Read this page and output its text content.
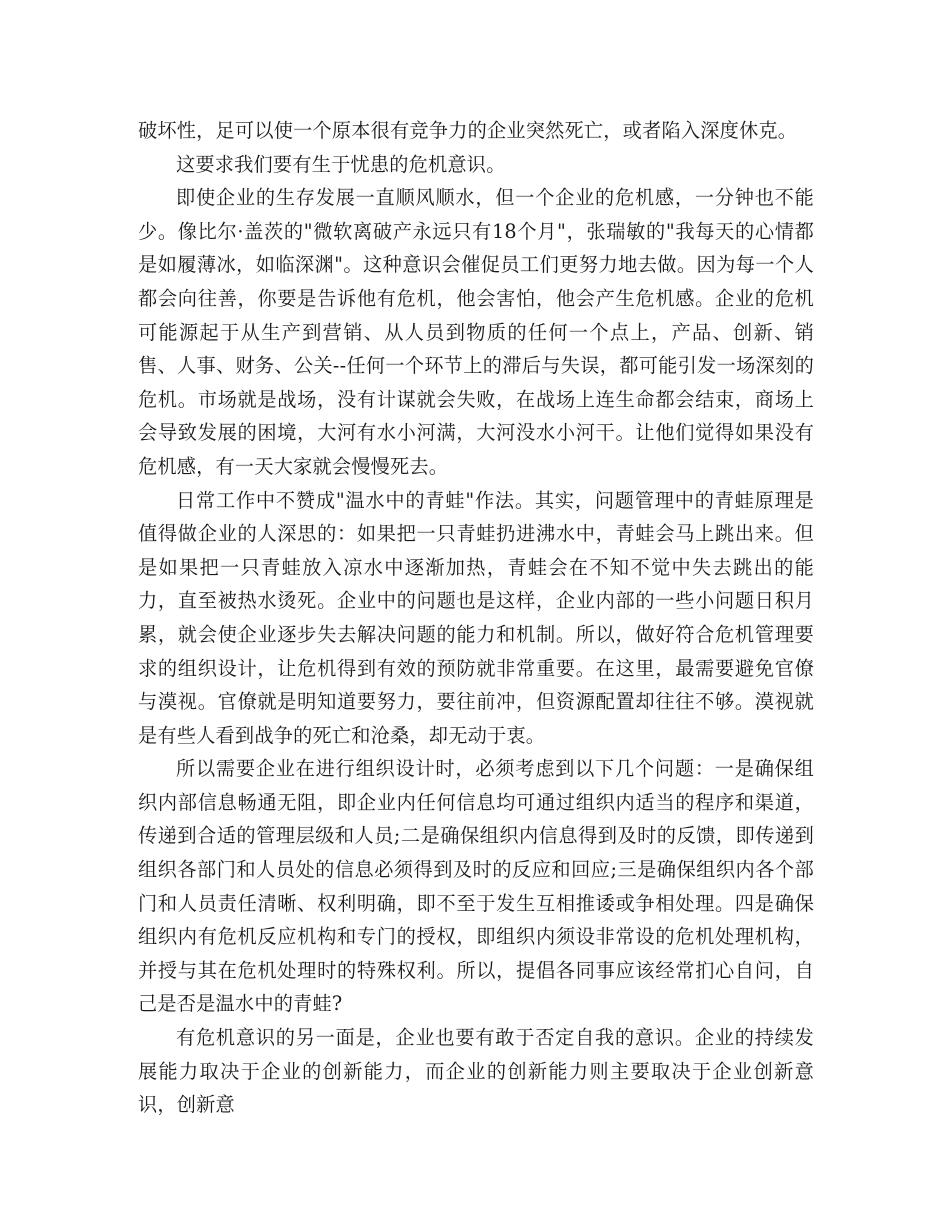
破坏性，足可以使一个原本很有竞争力的企业突然死亡，或者陷入深度休克。

这要求我们要有生于忧患的危机意识。

即使企业的生存发展一直顺风顺水，但一个企业的危机感，一分钟也不能少。像比尔·盖茨的"微软离破产永远只有18个月"，张瑞敏的"我每天的心情都是如履薄冰，如临深渊"。这种意识会催促员工们更努力地去做。因为每一个人都会向往善，你要是告诉他有危机，他会害怕，他会产生危机感。企业的危机可能源起于从生产到营销、从人员到物质的任何一个点上，产品、创新、销售、人事、财务、公关--任何一个环节上的滞后与失误，都可能引发一场深刻的危机。市场就是战场，没有计谋就会失败，在战场上连生命都会结束，商场上会导致发展的困境，大河有水小河满，大河没水小河干。让他们觉得如果没有危机感，有一天大家就会慢慢死去。

日常工作中不赞成"温水中的青蛙"作法。其实，问题管理中的青蛙原理是值得做企业的人深思的：如果把一只青蛙扔进沸水中，青蛙会马上跳出来。但是如果把一只青蛙放入凉水中逐渐加热，青蛙会在不知不觉中失去跳出的能力，直至被热水烫死。企业中的问题也是这样，企业内部的一些小问题日积月累，就会使企业逐步失去解决问题的能力和机制。所以，做好符合危机管理要求的组织设计，让危机得到有效的预防就非常重要。在这里，最需要避免官僚与漠视。官僚就是明知道要努力，要往前冲，但资源配置却往往不够。漠视就是有些人看到战争的死亡和沧桑，却无动于衷。

所以需要企业在进行组织设计时，必须考虑到以下几个问题：一是确保组织内部信息畅通无阻，即企业内任何信息均可通过组织内适当的程序和渠道，传递到合适的管理层级和人员;二是确保组织内信息得到及时的反馈，即传递到组织各部门和人员处的信息必须得到及时的反应和回应;三是确保组织内各个部门和人员责任清晰、权利明确，即不至于发生互相推诿或争相处理。四是确保组织内有危机反应机构和专门的授权，即组织内须设非常设的危机处理机构，并授与其在危机处理时的特殊权利。所以，提倡各同事应该经常扪心自问，自己是否是温水中的青蛙?

有危机意识的另一面是，企业也要有敢于否定自我的意识。企业的持续发展能力取决于企业的创新能力，而企业的创新能力则主要取决于企业创新意识，创新意
